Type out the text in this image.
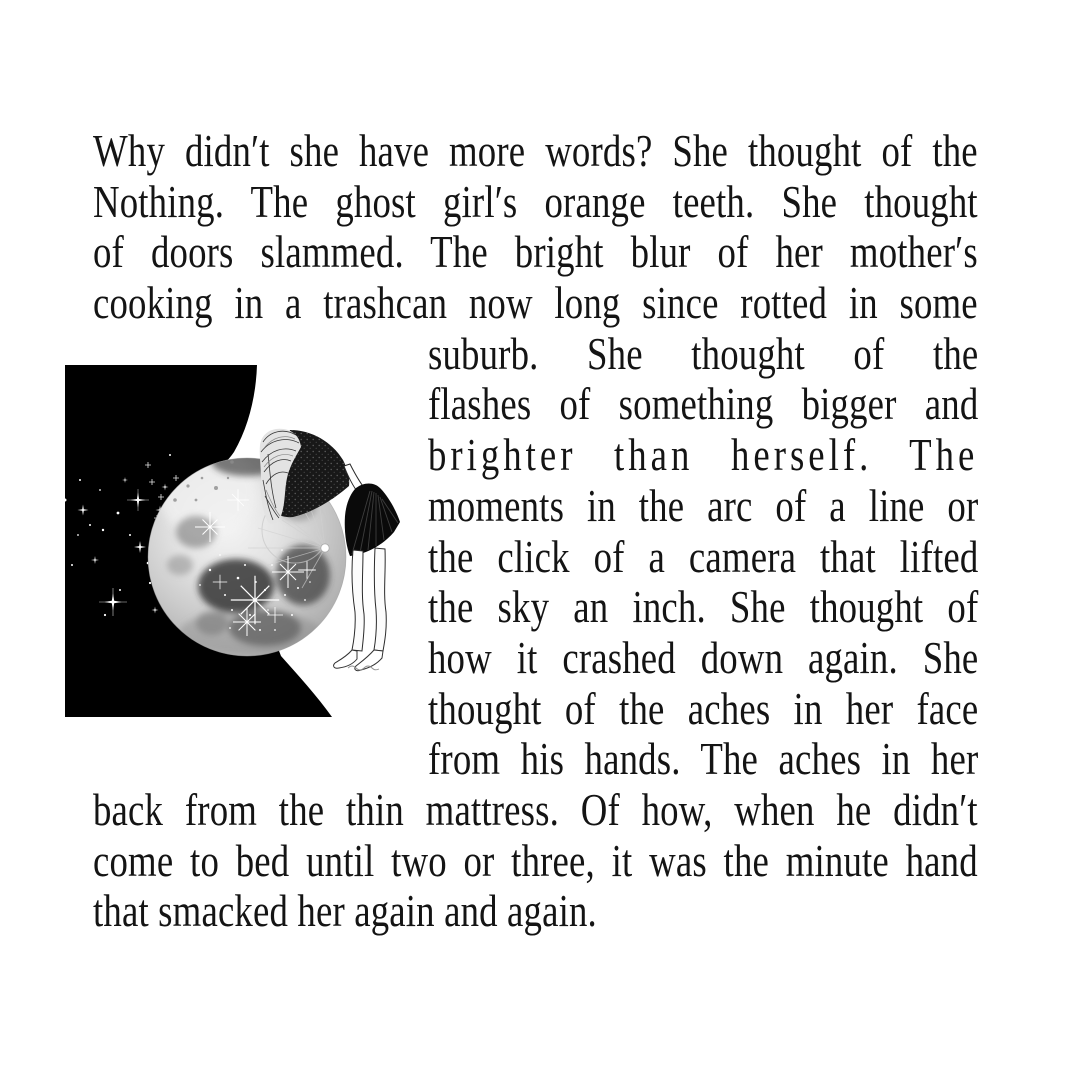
Why didn′t she have more words? She thought of the
Nothing. The ghost girl′s orange teeth. She thought
of doors slammed. The bright blur of her mother′s
cooking in a trashcan now long since rotted in some
suburb. She thought of the
flashes of something bigger and
brighter than herself. The
moments in the arc of a line or
the click of a camera that lifted
the sky an inch. She thought of
how it crashed down again. She
thought of the aches in her face
from his hands. The aches in her
back from the thin mattress. Of how, when he didn′t
come to bed until two or three, it was the minute hand
that smacked her again and again.
